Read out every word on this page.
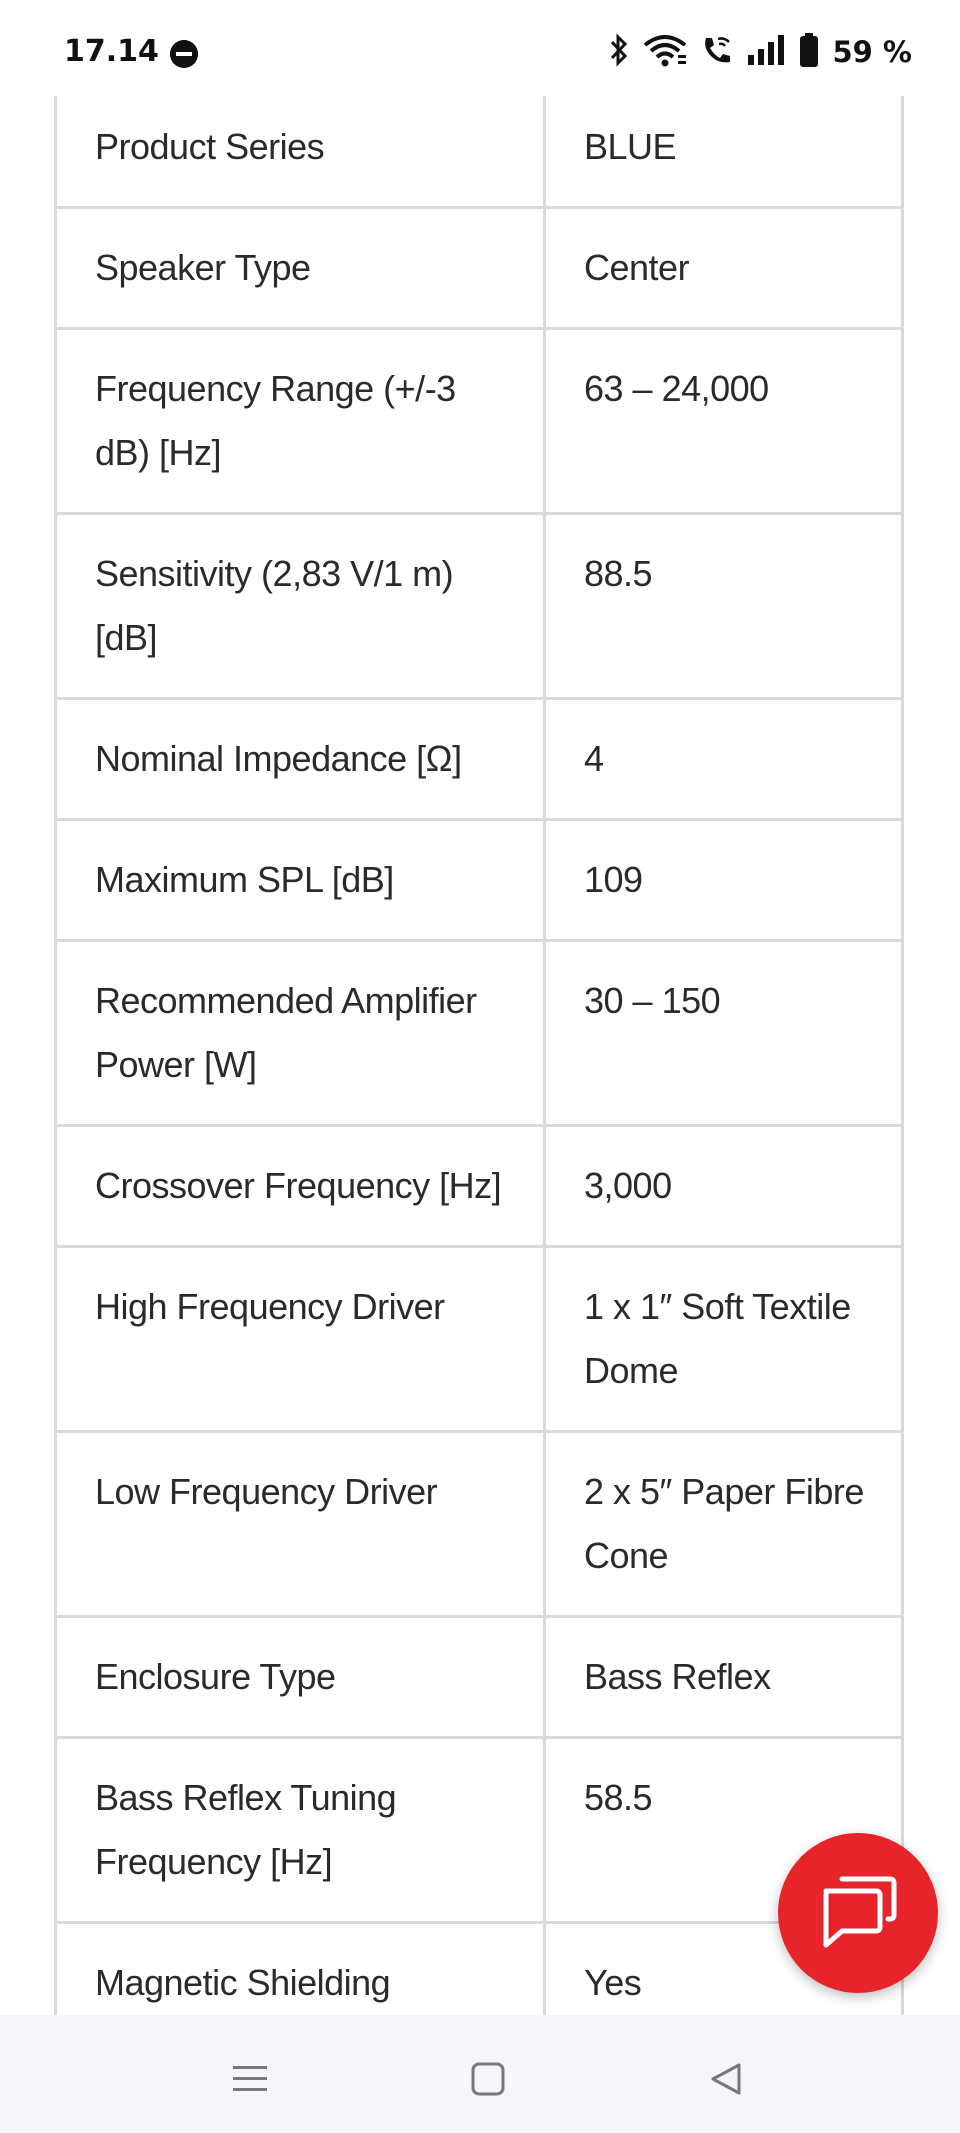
17.14	59 %
Product Series	BLUE
Speaker Type	Center
Frequency Range (+/-3 dB) [Hz]	63 – 24,000
Sensitivity (2,83 V/1 m) [dB]	88.5
Nominal Impedance [Ω]	4
Maximum SPL [dB]	109
Recommended Amplifier Power [W]	30 – 150
Crossover Frequency [Hz]	3,000
High Frequency Driver	1 x 1″ Soft Textile Dome
Low Frequency Driver	2 x 5″ Paper Fibre Cone
Enclosure Type	Bass Reflex
Bass Reflex Tuning Frequency [Hz]	58.5
Magnetic Shielding	Yes
